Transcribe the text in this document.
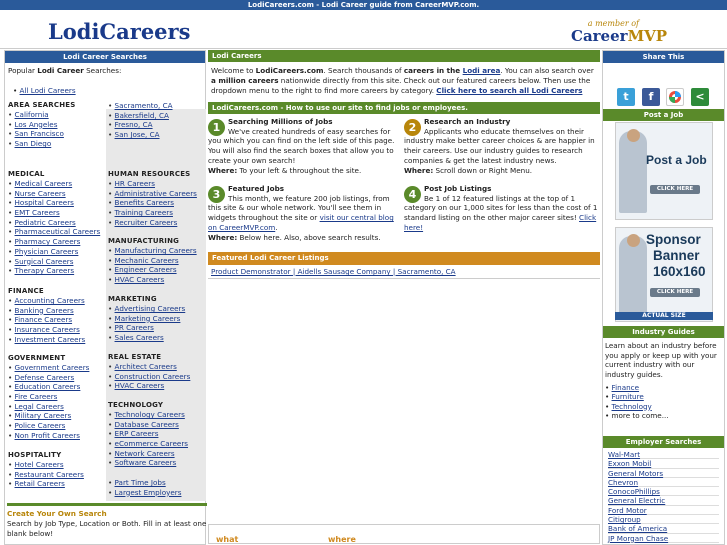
LodiCareers.com - Lodi Career guide from CareerMVP.com.
LodiCareers	a member of
CareerMVP
Lodi Career Searches
Popular Lodi Career Searches:
• All Lodi Careers
AREA SEARCHES
• California
• Los Angeles
• San Francisco
• San Diego
MEDICAL
• Medical Careers
• Nurse Careers
• Hospital Careers
• EMT Careers
• Pediatric Careers
• Pharmaceutical Careers
• Pharmacy Careers
• Physician Careers
• Surgical Careers
• Therapy Careers
FINANCE
• Accounting Careers
• Banking Careers
• Finance Careers
• Insurance Careers
• Investment Careers
GOVERNMENT
• Government Careers
• Defense Careers
• Education Careers
• Fire Careers
• Legal Careers
• Military Careers
• Police Careers
• Non Profit Careers
HOSPITALITY
• Hotel Careers
• Restaurant Careers
• Retail Careers
• Sacramento, CA
• Bakersfield, CA
• Fresno, CA
• San Jose, CA
HUMAN RESOURCES
• HR Careers
• Administrative Careers
• Benefits Careers
• Training Careers
• Recruiter Careers
MANUFACTURING
• Manufacturing Careers
• Mechanic Careers
• Engineer Careers
• HVAC Careers
MARKETING
• Advertising Careers
• Marketing Careers
• PR Careers
• Sales Careers
REAL ESTATE
• Architect Careers
• Construction Careers
• HVAC Careers
TECHNOLOGY
• Technology Careers
• Database Careers
• ERP Careers
• eCommerce Careers
• Network Careers
• Software Careers
• Part Time Jobs
• Largest Employers
Create Your Own Search

Search by Job Type, Location or Both. Fill in at least one blank below!

Lodi Careers
Welcome to LodiCareers.com. Search thousands of careers in the Lodi area. You can also search over a million careers nationwide directly from this site. Check out our featured careers below. Then use the dropdown menu to the right to find more careers by category. Click here to search all Lodi Careers
LodiCareers.com - How to use our site to find jobs or employees.
1	Searching Millions of Jobs
We've created hundreds of easy searches for you which you can find on the left side of this page. You will also find the search boxes that allow you to create your own search!
Where: To your left & throughout the site.
2	Research an Industry
Applicants who educate themselves on their industry make better career choices & are happier in their careers. Use our industry guides to research companies & get the latest industry news.
Where: Scroll down or Right Menu.
3	Featured Jobs
This month, we feature 200 job listings, from this site & our whole network. You'll see them in widgets throughout the site or visit our central blog on CareerMVP.com.
Where: Below here. Also, above search results.
4	Post Job Listings
Be 1 of 12 featured listings at the top of 1 category on our 1,000 sites for less than the cost of 1 standard listing on the other major career sites! Click here!
Featured Lodi Career Listings
Product Demonstrator | Aidells Sausage Company | Sacramento, CA
what	where
Share This
t	f	<
Post a Job
Post a Job
CLICK HERE
Sponsor
Banner
160x160
CLICK HERE
ACTUAL SIZE
Industry Guides

Learn about an industry before you apply or keep up with your current industry with our industry guides.

• Finance
• Furniture
• Technology
• more to come...
Employer Searches
Wal-Mart
Exxon Mobil
General Motors
Chevron
ConocoPhillips
General Electric
Ford Motor
Citigroup
Bank of America
JP Morgan Chase
